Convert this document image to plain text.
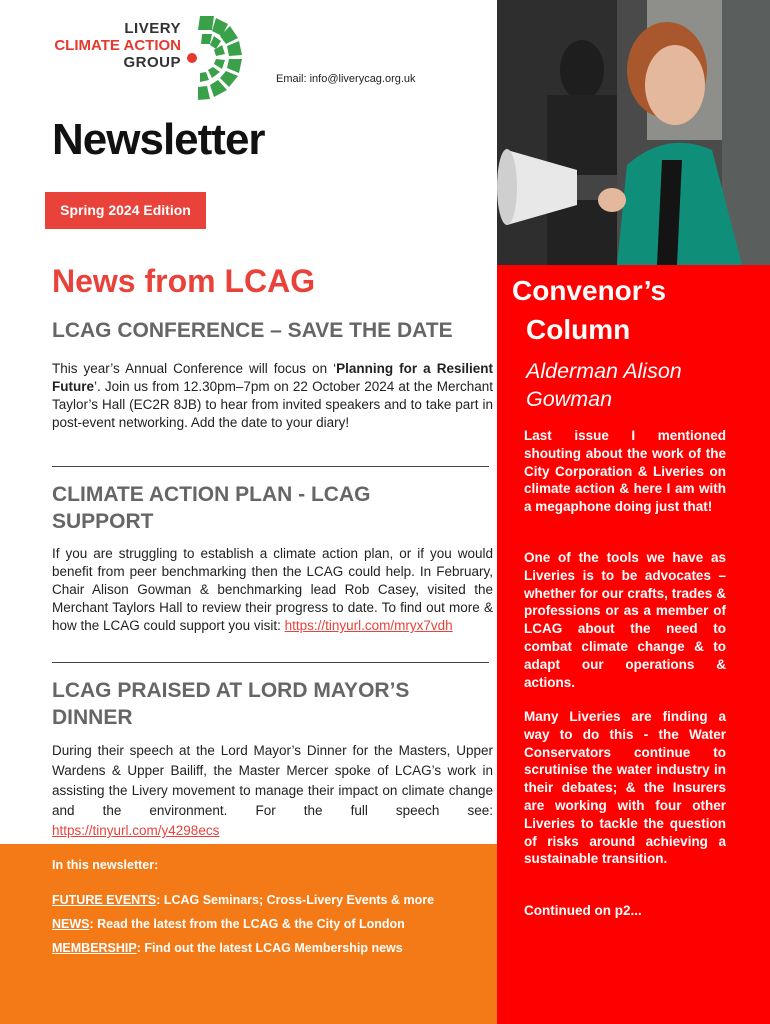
LIVERY
CLIMATE ACTION
GROUP
Email: info@liverycag.org.uk
Newsletter
Spring 2024 Edition
News from LCAG
LCAG CONFERENCE – SAVE THE DATE

This year’s Annual Conference will focus on ‘Planning for a Resilient Future’. Join us from 12.30pm–7pm on 22 October 2024 at the Merchant Taylor’s Hall (EC2R 8JB) to hear from invited speakers and to take part in post-event networking. Add the date to your diary!

CLIMATE ACTION PLAN - LCAG
SUPPORT

If you are struggling to establish a climate action plan, or if you would benefit from peer benchmarking then the LCAG could help. In February, Chair Alison Gowman & benchmarking lead Rob Casey, visited the Merchant Taylors Hall to review their progress to date. To find out more & how the LCAG could support you visit: https://tinyurl.com/mryx7vdh

LCAG PRAISED AT LORD MAYOR’S
DINNER

During their speech at the Lord Mayor’s Dinner for the Masters, Upper Wardens & Upper Bailiff, the Master Mercer spoke of LCAG’s work in assisting the Livery movement to manage their impact on climate change and the environment. For the full speech see: https://tinyurl.com/y4298ecs

In this newsletter:
FUTURE EVENTS: LCAG Seminars; Cross-Livery Events & more
NEWS: Read the latest from the LCAG & the City of London
MEMBERSHIP: Find out the latest LCAG Membership news
Convenor’s
Column
Alderman Alison
Gowman

Last issue I mentioned shouting about the work of the City Corporation & Liveries on climate action & here I am with a megaphone doing just that!

One of the tools we have as Liveries is to be advocates – whether for our crafts, trades & professions or as a member of LCAG about the need to combat climate change & to adapt our operations & actions.

Many Liveries are finding a way to do this - the Water Conservators continue to scrutinise the water industry in their debates; & the Insurers are working with four other Liveries to tackle the question of risks around achieving a sustainable transition.

Continued on p2...
